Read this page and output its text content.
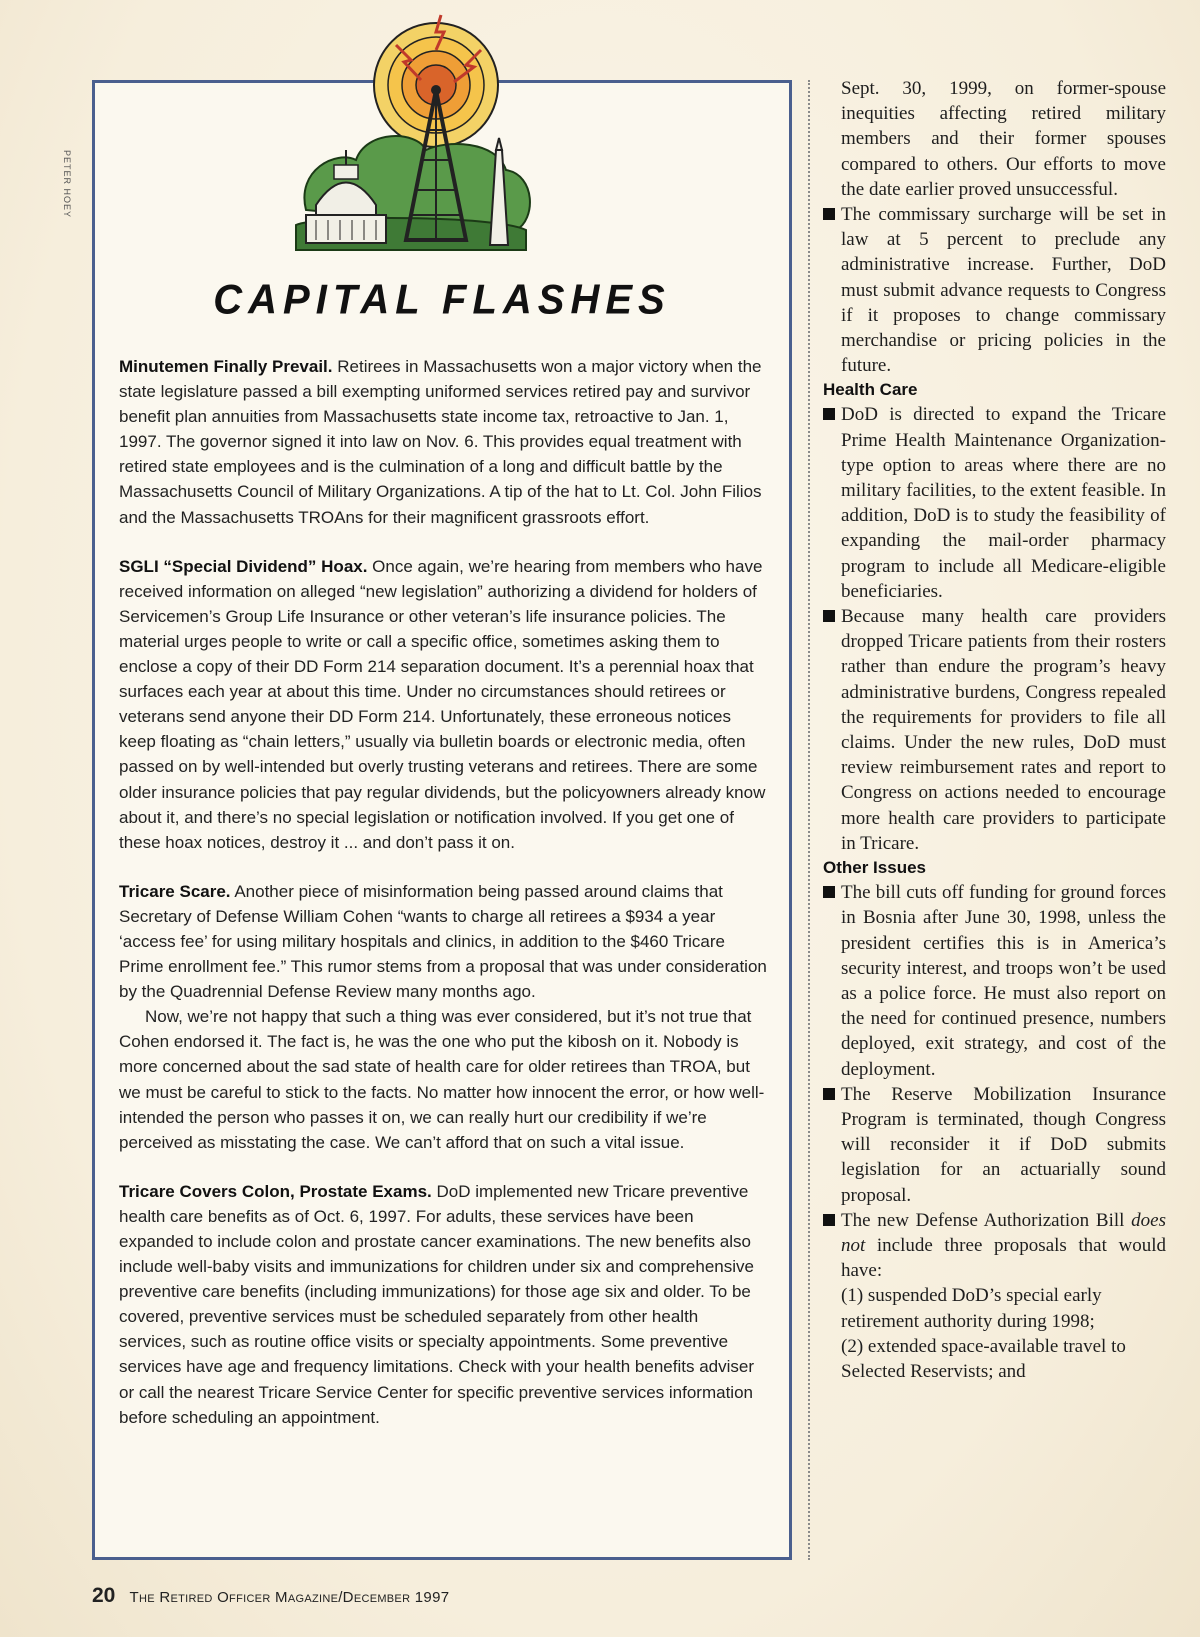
PETER HOEY
CAPITAL FLASHES

Minutemen Finally Prevail. Retirees in Massachusetts won a major victory when the state legislature passed a bill exempting uniformed services retired pay and survivor benefit plan annuities from Massachusetts state income tax, retroactive to Jan. 1, 1997. The governor signed it into law on Nov. 6. This provides equal treatment with retired state employees and is the culmination of a long and difficult battle by the Massachusetts Council of Military Organizations. A tip of the hat to Lt. Col. John Filios and the Massachusetts TROAns for their magnificent grassroots effort.

SGLI “Special Dividend” Hoax. Once again, we’re hearing from members who have received information on alleged “new legislation” authorizing a dividend for holders of Servicemen’s Group Life Insurance or other veteran’s life insurance policies. The material urges people to write or call a specific office, sometimes asking them to enclose a copy of their DD Form 214 separation document. It’s a perennial hoax that surfaces each year at about this time. Under no circumstances should retirees or veterans send anyone their DD Form 214. Unfortunately, these erroneous notices keep floating as “chain letters,” usually via bulletin boards or electronic media, often passed on by well-intended but overly trusting veterans and retirees. There are some older insurance policies that pay regular dividends, but the policyowners already know about it, and there’s no special legislation or notification involved. If you get one of these hoax notices, destroy it ... and don’t pass it on.

Tricare Scare. Another piece of misinformation being passed around claims that Secretary of Defense William Cohen “wants to charge all retirees a $934 a year ‘access fee’ for using military hospitals and clinics, in addition to the $460 Tricare Prime enrollment fee.” This rumor stems from a proposal that was under consideration by the Quadrennial Defense Review many months ago.

Now, we’re not happy that such a thing was ever considered, but it’s not true that Cohen endorsed it. The fact is, he was the one who put the kibosh on it. Nobody is more concerned about the sad state of health care for older retirees than TROA, but we must be careful to stick to the facts. No matter how innocent the error, or how well-intended the person who passes it on, we can really hurt our credibility if we’re perceived as misstating the case. We can’t afford that on such a vital issue.

Tricare Covers Colon, Prostate Exams. DoD implemented new Tricare preventive health care benefits as of Oct. 6, 1997. For adults, these services have been expanded to include colon and prostate cancer examinations. The new benefits also include well-baby visits and immunizations for children under six and comprehensive preventive care benefits (including immunizations) for those age six and older. To be covered, preventive services must be scheduled separately from other health services, such as routine office visits or specialty appointments. Some preventive services have age and frequency limitations. Check with your health benefits adviser or call the nearest Tricare Service Center for specific preventive services information before scheduling an appointment.

Sept. 30, 1999, on former-spouse inequities affecting retired military members and their former spouses compared to others. Our efforts to move the date earlier proved unsuccessful.

The commissary surcharge will be set in law at 5 percent to preclude any administrative increase. Further, DoD must submit advance requests to Congress if it proposes to change commissary merchandise or pricing policies in the future.

Health Care

DoD is directed to expand the Tricare Prime Health Maintenance Organization-type option to areas where there are no military facilities, to the extent feasible. In addition, DoD is to study the feasibility of expanding the mail-order pharmacy program to include all Medicare-eligible beneficiaries.

Because many health care providers dropped Tricare patients from their rosters rather than endure the program’s heavy administrative burdens, Congress repealed the requirements for providers to file all claims. Under the new rules, DoD must review reimbursement rates and report to Congress on actions needed to encourage more health care providers to participate in Tricare.

Other Issues

The bill cuts off funding for ground forces in Bosnia after June 30, 1998, unless the president certifies this is in America’s security interest, and troops won’t be used as a police force. He must also report on the need for continued presence, numbers deployed, exit strategy, and cost of the deployment.

The Reserve Mobilization Insurance Program is terminated, though Congress will reconsider it if DoD submits legislation for an actuarially sound proposal.

The new Defense Authorization Bill does not include three proposals that would have:

(1) suspended DoD’s special early retirement authority during 1998;

(2) extended space-available travel to Selected Reservists; and

20 The Retired Officer Magazine/December 1997
